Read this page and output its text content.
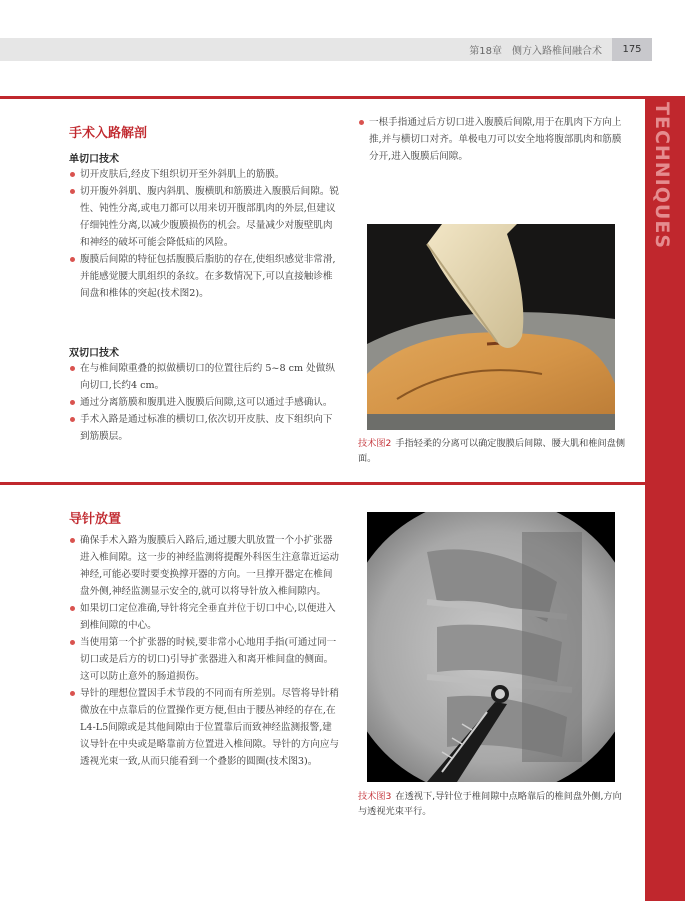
第18章　侧方入路椎间融合术	175
TECHNIQUES
手术入路解剖
单切口技术
切开皮肤后,经皮下组织切开至外斜肌上的筋膜。
切开腹外斜肌、腹内斜肌、腹横肌和筋膜进入腹膜后间隙。锐性、钝性分离,或电刀都可以用来切开腹部肌肉的外层,但建议仔细钝性分离,以减少腹膜损伤的机会。尽量减少对腹壁肌肉和神经的破坏可能会降低疝的风险。
腹膜后间隙的特征包括腹膜后脂肪的存在,使组织感觉非常滑,并能感觉腰大肌组织的条纹。在多数情况下,可以直接触诊椎间盘和椎体的突起(技术图2)。
双切口技术
在与椎间隙重叠的拟做横切口的位置往后约 5~8 cm 处做纵向切口,长约4 cm。
通过分离筋膜和腹肌进入腹膜后间隙,这可以通过手感确认。
手术入路是通过标准的横切口,依次切开皮肤、皮下组织向下到筋膜层。
一根手指通过后方切口进入腹膜后间隙,用于在肌肉下方向上推,并与横切口对齐。单极电刀可以安全地将腹部肌肉和筋膜分开,进入腹膜后间隙。
技术图2 手指轻柔的分离可以确定腹膜后间隙、腰大肌和椎间盘侧面。
导针放置
确保手术入路为腹膜后入路后,通过腰大肌放置一个小扩张器进入椎间隙。这一步的神经监测将提醒外科医生注意靠近运动神经,可能必要时要变换撑开器的方向。一旦撑开器定在椎间盘外侧,神经监测显示安全的,就可以将导针放入椎间隙内。
如果切口定位准确,导针将完全垂直并位于切口中心,以便进入到椎间隙的中心。
当使用第一个扩张器的时候,要非常小心地用手指(可通过同一切口或是后方的切口)引导扩张器进入和离开椎间盘的侧面。这可以防止意外的肠道损伤。
导针的理想位置因手术节段的不同而有所差别。尽管将导针稍微放在中点靠后的位置操作更方便,但由于腰丛神经的存在,在L4-L5间隙或是其他间隙由于位置靠后而致神经监测报警,建议导针在中央或是略靠前方位置进入椎间隙。导针的方向应与透视光束一致,从而只能看到一个叠影的圆圈(技术图3)。
技术图3 在透视下,导针位于椎间隙中点略靠后的椎间盘外侧,方向与透视光束平行。
